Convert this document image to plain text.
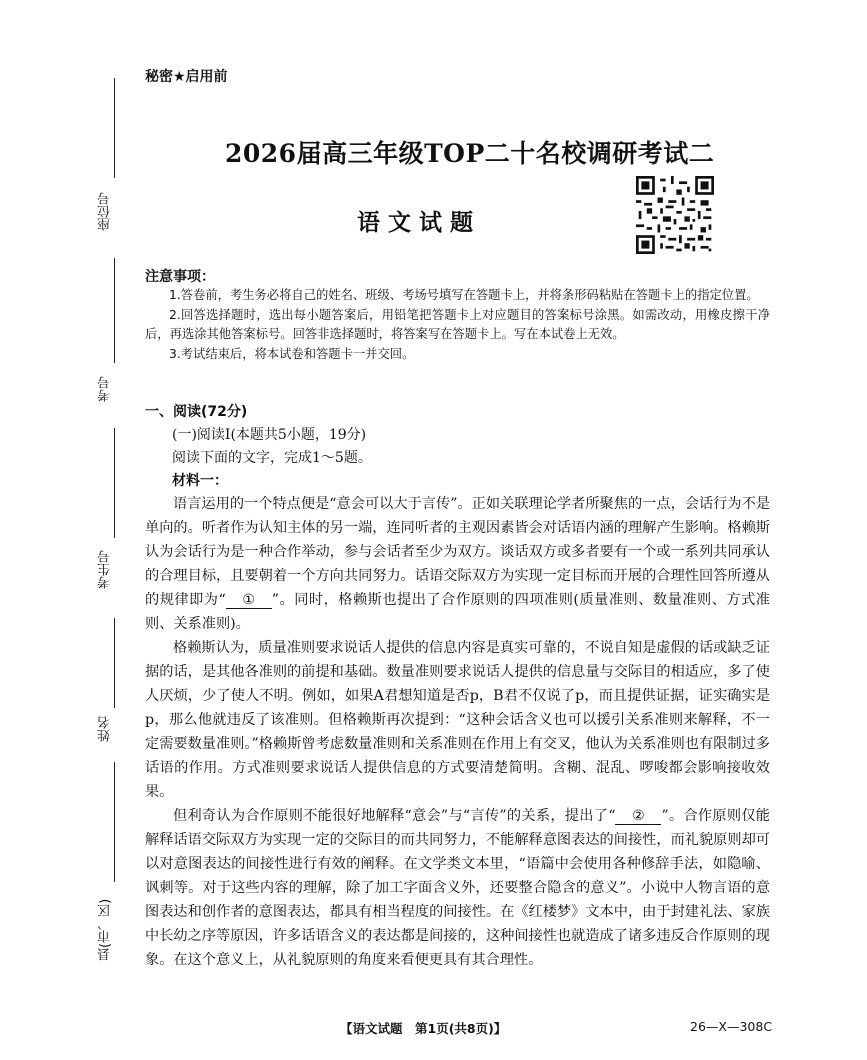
秘密★启用前
座位号
考号
考生号
姓名
县(市、区)
2026届高三年级TOP二十名校调研考试二
语文试题
注意事项：

1.答卷前，考生务必将自己的姓名、班级、考场号填写在答题卡上，并将条形码粘贴在答题卡上的指定位置。

2.回答选择题时，选出每小题答案后，用铅笔把答题卡上对应题目的答案标号涂黑。如需改动，用橡皮擦干净后，再选涂其他答案标号。回答非选择题时，将答案写在答题卡上。写在本试卷上无效。

3.考试结束后，将本试卷和答题卡一并交回。

一、阅读(72分)
(一)阅读Ⅰ(本题共5小题，19分)
阅读下面的文字，完成1～5题。
材料一：

语言运用的一个特点便是“意会可以大于言传”。正如关联理论学者所聚焦的一点，会话行为不是单向的。听者作为认知主体的另一端，连同听者的主观因素皆会对话语内涵的理解产生影响。格赖斯认为会话行为是一种合作举动，参与会话者至少为双方。谈话双方或多者要有一个或一系列共同承认的合理目标，且要朝着一个方向共同努力。话语交际双方为实现一定目标而开展的合理性回答所遵从的规律即为“ ① ”。同时，格赖斯也提出了合作原则的四项准则(质量准则、数量准则、方式准则、关系准则)。

格赖斯认为，质量准则要求说话人提供的信息内容是真实可靠的，不说自知是虚假的话或缺乏证据的话，是其他各准则的前提和基础。数量准则要求说话人提供的信息量与交际目的相适应，多了使人厌烦，少了使人不明。例如，如果A君想知道是否p，B君不仅说了p，而且提供证据，证实确实是p，那么他就违反了该准则。但格赖斯再次提到：“这种会话含义也可以援引关系准则来解释，不一定需要数量准则。”格赖斯曾考虑数量准则和关系准则在作用上有交叉，他认为关系准则也有限制过多话语的作用。方式准则要求说话人提供信息的方式要清楚简明。含糊、混乱、啰唆都会影响接收效果。

但利奇认为合作原则不能很好地解释“意会”与“言传”的关系，提出了“ ② ”。合作原则仅能解释话语交际双方为实现一定的交际目的而共同努力，不能解释意图表达的间接性，而礼貌原则却可以对意图表达的间接性进行有效的阐释。在文学类文本里，“语篇中会使用各种修辞手法，如隐喻、讽刺等。对于这些内容的理解，除了加工字面含义外，还要整合隐含的意义”。小说中人物言语的意图表达和创作者的意图表达，都具有相当程度的间接性。在《红楼梦》文本中，由于封建礼法、家族中长幼之序等原因，许多话语含义的表达都是间接的，这种间接性也就造成了诸多违反合作原则的现象。在这个意义上，从礼貌原则的角度来看便更具有其合理性。

【语文试题　第1页(共8页)】	26—X—308C
